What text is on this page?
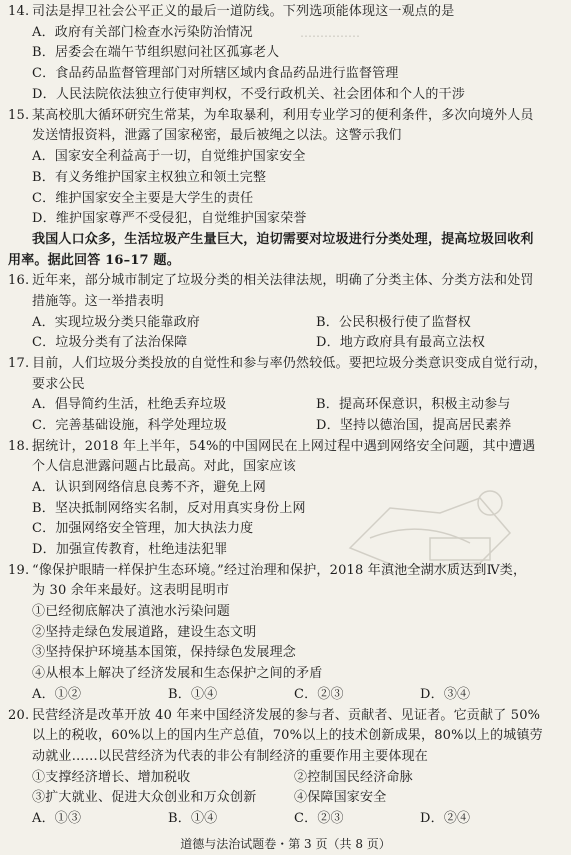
……………
14. 司法是捍卫社会公平正义的最后一道防线。下列选项能体现这一观点的是
A．政府有关部门检查水污染防治情况
B．居委会在端午节组织慰问社区孤寡老人
C．食品药品监督管理部门对所辖区域内食品药品进行监督管理
D．人民法院依法独立行使审判权，不受行政机关、社会团体和个人的干涉
15. 某高校肌大循环研究生常某，为牟取暴利，利用专业学习的便利条件，多次向境外人员
发送情报资料，泄露了国家秘密，最后被绳之以法。这警示我们
A．国家安全利益高于一切，自觉维护国家安全
B．有义务维护国家主权独立和领土完整
C．维护国家安全主要是大学生的责任
D．维护国家尊严不受侵犯，自觉维护国家荣誉
我国人口众多，生活垃圾产生量巨大，迫切需要对垃圾进行分类处理，提高垃圾回收利
用率。据此回答 16–17 题。
16. 近年来，部分城市制定了垃圾分类的相关法律法规，明确了分类主体、分类方法和处罚
措施等。这一举措表明
A．实现垃圾分类只能靠政府	B．公民积极行使了监督权
C．垃圾分类有了法治保障	D．地方政府具有最高立法权
17. 目前，人们垃圾分类投放的自觉性和参与率仍然较低。要把垃圾分类意识变成自觉行动，
要求公民
A．倡导简约生活，杜绝丢弃垃圾	B．提高环保意识，积极主动参与
C．完善基础设施，科学处理垃圾	D．坚持以德治国，提高居民素养
18. 据统计，2018 年上半年，54%的中国网民在上网过程中遇到网络安全问题，其中遭遇
个人信息泄露问题占比最高。对此，国家应该
A．认识到网络信息良莠不齐，避免上网
B．坚决抵制网络实名制，反对用真实身份上网
C．加强网络安全管理，加大执法力度
D．加强宣传教育，杜绝违法犯罪
19. “像保护眼睛一样保护生态环境。”经过治理和保护，2018 年滇池全湖水质达到Ⅳ类，
为 30 余年来最好。这表明昆明市
①已经彻底解决了滇池水污染问题
②坚持走绿色发展道路，建设生态文明
③坚持保护环境基本国策，保持绿色发展理念
④从根本上解决了经济发展和生态保护之间的矛盾
A．①②	B．①④	C．②③	D．③④
20. 民营经济是改革开放 40 年来中国经济发展的参与者、贡献者、见证者。它贡献了 50%
以上的税收，60%以上的国内生产总值，70%以上的技术创新成果，80%以上的城镇劳
动就业……以民营经济为代表的非公有制经济的重要作用主要体现在
①支撑经济增长、增加税收	②控制国民经济命脉
③扩大就业、促进大众创业和万众创新	④保障国家安全
A．①③	B．①④	C．②③	D．②④
道德与法治试题卷・第 3 页（共 8 页）
